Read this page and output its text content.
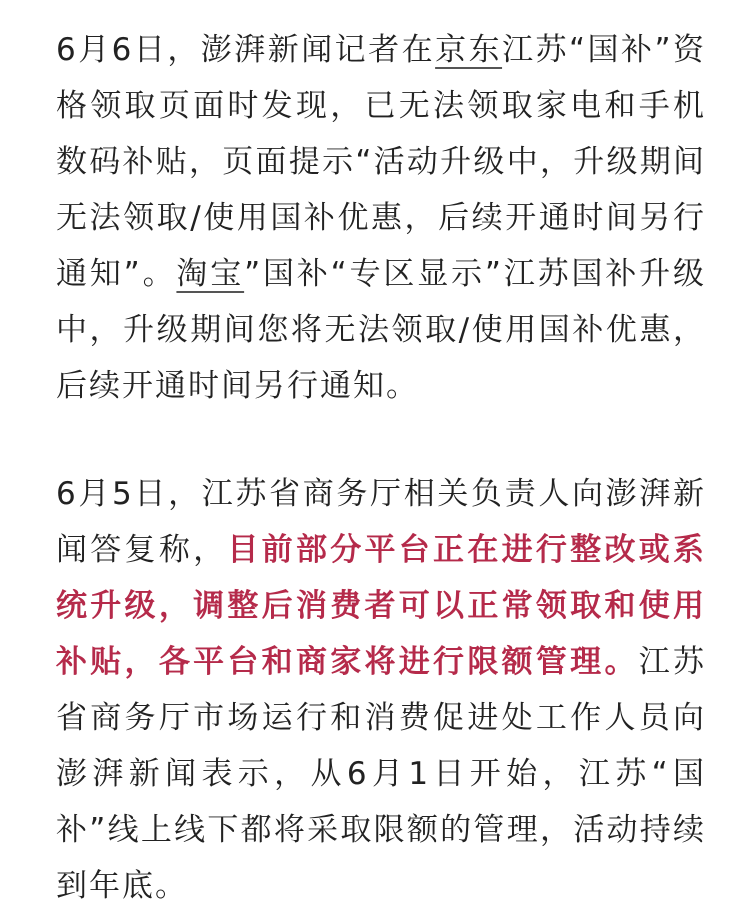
6月6日，澎湃新闻记者在京东江苏“国补”资格领取页面时发现，已无法领取家电和手机数码补贴，页面提示“活动升级中，升级期间无法领取/使用国补优惠，后续开通时间另行通知”。淘宝”国补“专区显示”江苏国补升级中，升级期间您将无法领取/使用国补优惠，后续开通时间另行通知。

6月5日，江苏省商务厅相关负责人向澎湃新闻答复称，目前部分平台正在进行整改或系统升级，调整后消费者可以正常领取和使用补贴，各平台和商家将进行限额管理。江苏省商务厅市场运行和消费促进处工作人员向澎湃新闻表示，从6月1日开始，江苏“国补”线上线下都将采取限额的管理，活动持续到年底。
